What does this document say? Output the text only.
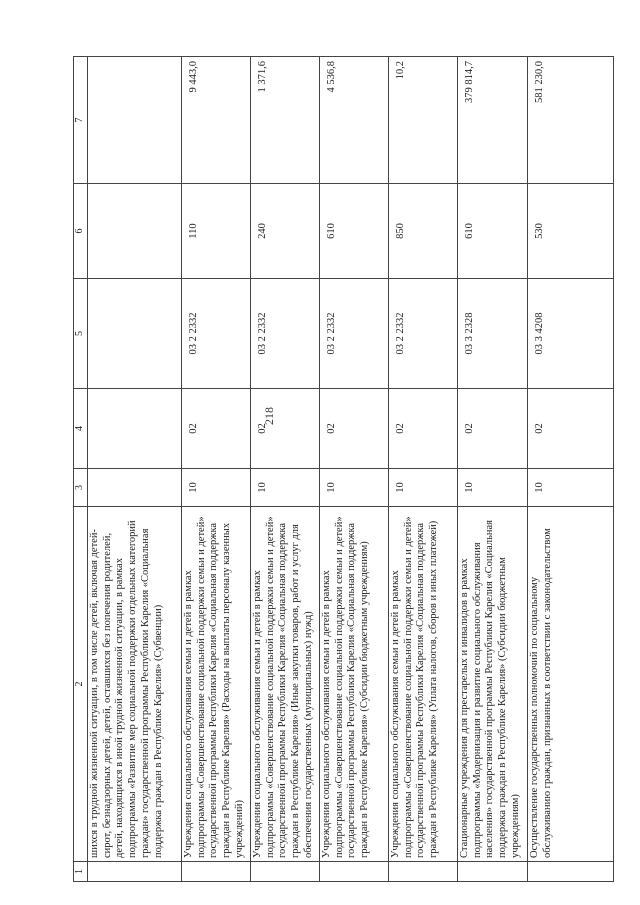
218
1	2	3	4	5	6	7
	шихся в трудной жизненной ситуации, в том числе детей, включая детей-сирот, безнадзорных детей, детей, оставшихся без попечения родителей, детей, находящихся в иной трудной жизненной ситуации, в рамках подпрограммы «Развитие мер социальной поддержки отдельных категорий граждан» государственной программы Республики Карелия «Социальная поддержка граждан в Республике Карелия» (Субвенции)					
	Учреждения социального обслуживания семьи и детей в рамках подпрограммы «Совершенствование социальной поддержки семьи и детей» государственной программы Республики Карелия «Социальная поддержка граждан в Республике Карелия» (Расходы на выплаты персоналу казенных учреждений)	10	02	03 2 2332	110	9 443,0
	Учреждения социального обслуживания семьи и детей в рамках подпрограммы «Совершенствование социальной поддержки семьи и детей» государственной программы Республики Карелия «Социальная поддержка граждан в Республике Карелия» (Иные закупки товаров, работ и услуг для обеспечения государственных (муниципальных) нужд)	10	02	03 2 2332	240	1 371,6
	Учреждения социального обслуживания семьи и детей в рамках подпрограммы «Совершенствование социальной поддержки семьи и детей» государственной программы Республики Карелия «Социальная поддержка граждан в Республике Карелия» (Субсидии бюджетным учреждениям)	10	02	03 2 2332	610	4 536,8
	Учреждения социального обслуживания семьи и детей в рамках подпрограммы «Совершенствование социальной поддержки семьи и детей» государственной программы Республики Карелия «Социальная поддержка граждан в Республике Карелия» (Уплата налогов, сборов и иных платежей)	10	02	03 2 2332	850	10,2
	Стационарные учреждения для престарелых и инвалидов в рамках подпрограммы «Модернизация и развитие социального обслуживания населения» государственной программы Республики Карелия «Социальная поддержка граждан в Республике Карелия» (Субсидии бюджетным учреждениям)	10	02	03 3 2328	610	379 814,7
	Осуществление государственных полномочий по социальному обслуживанию граждан, признанных в соответствии с законодательством	10	02	03 3 4208	530	581 230,0
